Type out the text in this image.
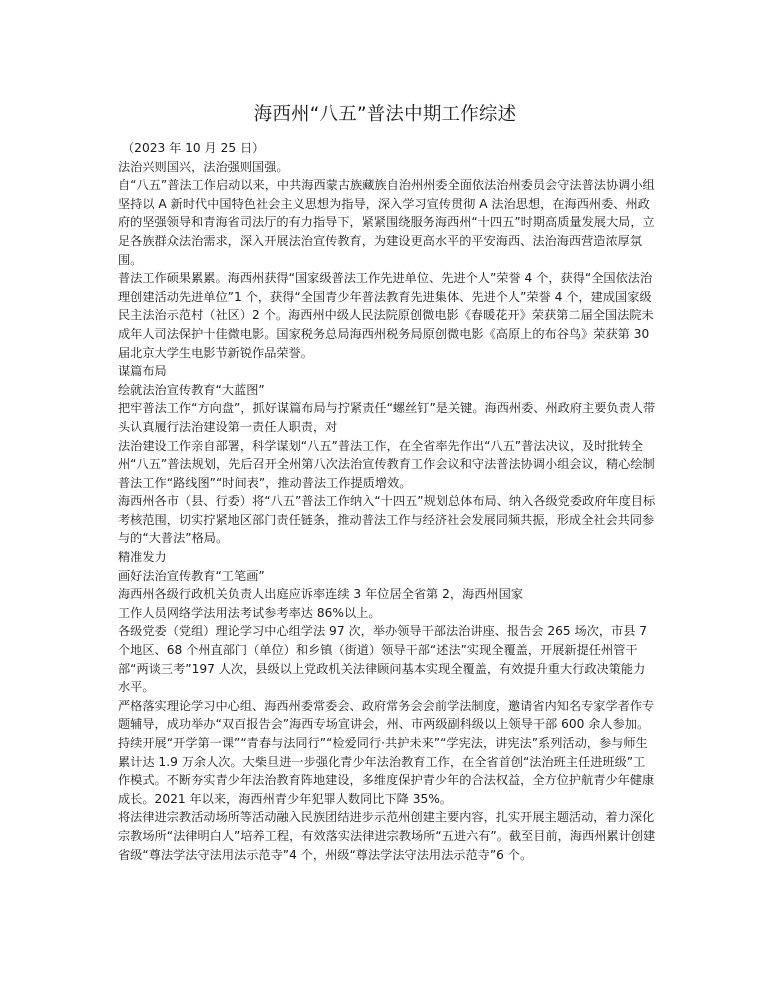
海西州“八五”普法中期工作综述

（2023 年 10 月 25 日）

法治兴则国兴，法治强则国强。

自“八五”普法工作启动以来，中共海西蒙古族藏族自治州州委全面依法治州委员会守法普法协调小组坚持以 A 新时代中国特色社会主义思想为指导，深入学习宣传贯彻 A 法治思想，在海西州委、州政府的坚强领导和青海省司法厅的有力指导下，紧紧围绕服务海西州“十四五”时期高质量发展大局，立足各族群众法治需求，深入开展法治宣传教育，为建设更高水平的平安海西、法治海西营造浓厚氛围。

普法工作硕果累累。海西州获得“国家级普法工作先进单位、先进个人”荣誉 4 个，获得“全国依法治理创建活动先进单位”1 个，获得“全国青少年普法教育先进集体、先进个人”荣誉 4 个，建成国家级民主法治示范村（社区）2 个。海西州中级人民法院原创微电影《春暖花开》荣获第二届全国法院未成年人司法保护十佳微电影。国家税务总局海西州税务局原创微电影《高原上的布谷鸟》荣获第 30 届北京大学生电影节新锐作品荣誉。

谋篇布局

绘就法治宣传教育“大蓝图”

把牢普法工作“方向盘”，抓好谋篇布局与拧紧责任“螺丝钉”是关键。海西州委、州政府主要负责人带头认真履行法治建设第一责任人职责，对

法治建设工作亲自部署，科学谋划“八五”普法工作，在全省率先作出“八五”普法决议，及时批转全州“八五”普法规划，先后召开全州第八次法治宣传教育工作会议和守法普法协调小组会议，精心绘制普法工作“路线图”“时间表”，推动普法工作提质增效。

海西州各市（县、行委）将“八五”普法工作纳入“十四五”规划总体布局、纳入各级党委政府年度目标考核范围，切实拧紧地区部门责任链条，推动普法工作与经济社会发展同频共振，形成全社会共同参与的“大普法”格局。

精准发力

画好法治宣传教育“工笔画”

海西州各级行政机关负责人出庭应诉率连续 3 年位居全省第 2，海西州国家

工作人员网络学法用法考试参考率达 86%以上。

各级党委（党组）理论学习中心组学法 97 次，举办领导干部法治讲座、报告会 265 场次，市县 7 个地区、68 个州直部门（单位）和乡镇（街道）领导干部“述法”实现全覆盖，开展新提任州管干部“两谈三考”197 人次，县级以上党政机关法律顾问基本实现全覆盖，有效提升重大行政决策能力水平。

严格落实理论学习中心组、海西州委常委会、政府常务会会前学法制度，邀请省内知名专家学者作专题辅导，成功举办“双百报告会”海西专场宣讲会，州、市两级副科级以上领导干部 600 余人参加。

持续开展“开学第一课”“青春与法同行”“检爱同行·共护未来”“学宪法，讲宪法”系列活动，参与师生累计达 1.9 万余人次。大柴旦进一步强化青少年法治教育工作，在全省首创“法治班主任进班级”工作模式。不断夯实青少年法治教育阵地建设，多维度保护青少年的合法权益，全方位护航青少年健康成长。2021 年以来，海西州青少年犯罪人数同比下降 35%。

将法律进宗教活动场所等活动融入民族团结进步示范州创建主要内容，扎实开展主题活动，着力深化宗教场所“法律明白人”培养工程，有效落实法律进宗教场所“五进六有”。截至目前，海西州累计创建省级“尊法学法守法用法示范寺”4 个，州级“尊法学法守法用法示范寺”6 个。
